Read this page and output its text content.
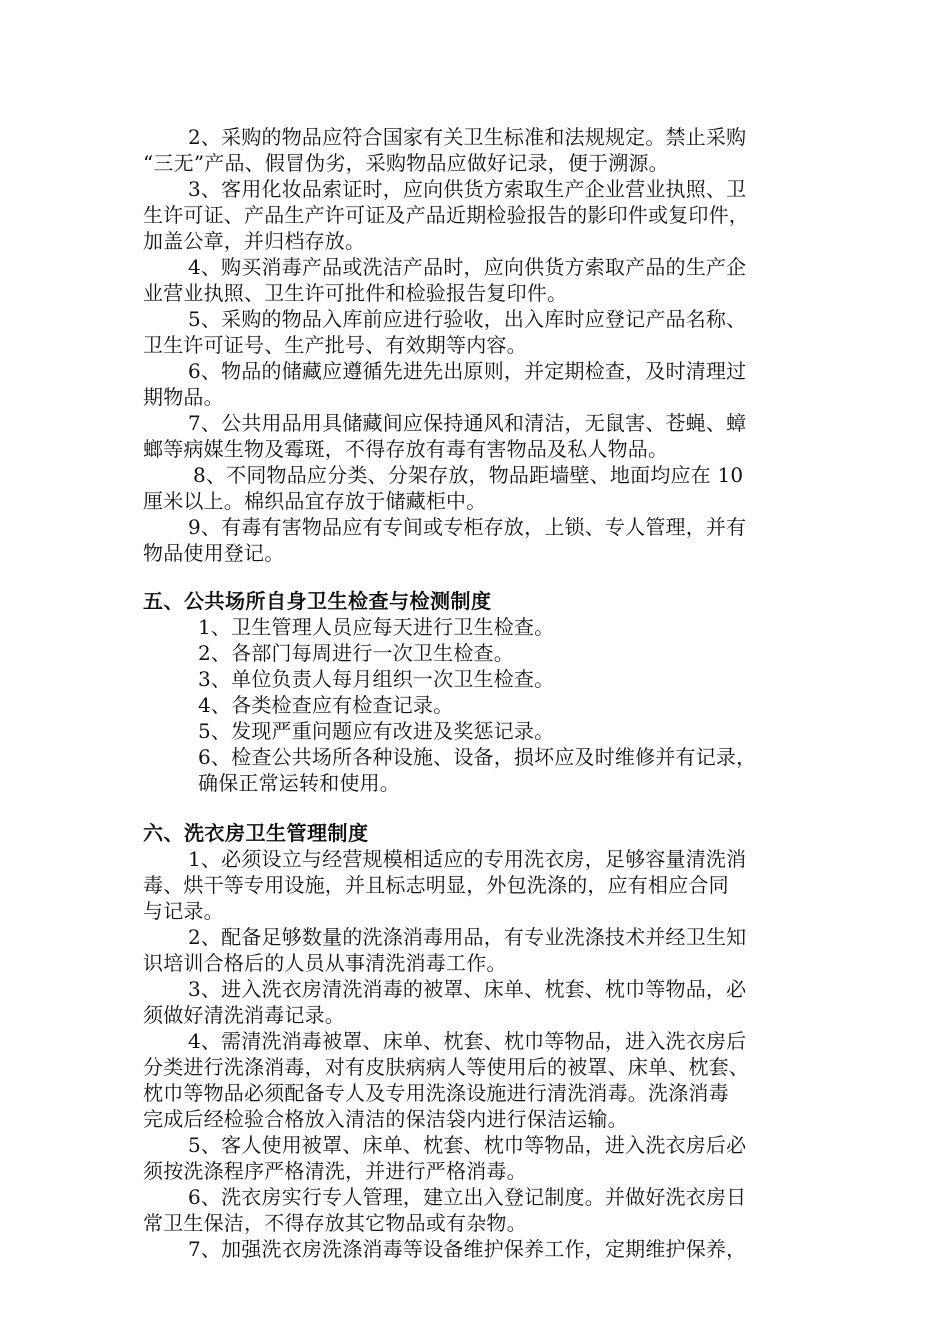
2、采购的物品应符合国家有关卫生标准和法规规定。禁止采购
“三无”产品、假冒伪劣，采购物品应做好记录，便于溯源。
3、客用化妆品索证时，应向供货方索取生产企业营业执照、卫
生许可证、产品生产许可证及产品近期检验报告的影印件或复印件，
加盖公章，并归档存放。
4、购买消毒产品或洗洁产品时，应向供货方索取产品的生产企
业营业执照、卫生许可批件和检验报告复印件。
5、采购的物品入库前应进行验收，出入库时应登记产品名称、
卫生许可证号、生产批号、有效期等内容。
6、物品的储藏应遵循先进先出原则，并定期检查，及时清理过
期物品。
7、公共用品用具储藏间应保持通风和清洁，无鼠害、苍蝇、蟑
螂等病媒生物及霉斑，不得存放有毒有害物品及私人物品。
8、不同物品应分类、分架存放，物品距墙壁、地面均应在 10
厘米以上。棉织品宜存放于储藏柜中。
9、有毒有害物品应有专间或专柜存放，上锁、专人管理，并有
物品使用登记。
五、公共场所自身卫生检查与检测制度
1、卫生管理人员应每天进行卫生检查。
2、各部门每周进行一次卫生检查。
3、单位负责人每月组织一次卫生检查。
4、各类检查应有检查记录。
5、发现严重问题应有改进及奖惩记录。
6、检查公共场所各种设施、设备，损坏应及时维修并有记录，
确保正常运转和使用。
六、洗衣房卫生管理制度
1、必须设立与经营规模相适应的专用洗衣房，足够容量清洗消
毒、烘干等专用设施，并且标志明显，外包洗涤的，应有相应合同
与记录。
2、配备足够数量的洗涤消毒用品，有专业洗涤技术并经卫生知
识培训合格后的人员从事清洗消毒工作。
3、进入洗衣房清洗消毒的被罩、床单、枕套、枕巾等物品，必
须做好清洗消毒记录。
4、需清洗消毒被罩、床单、枕套、枕巾等物品，进入洗衣房后
分类进行洗涤消毒，对有皮肤病病人等使用后的被罩、床单、枕套、
枕巾等物品必须配备专人及专用洗涤设施进行清洗消毒。洗涤消毒
完成后经检验合格放入清洁的保洁袋内进行保洁运输。
5、客人使用被罩、床单、枕套、枕巾等物品，进入洗衣房后必
须按洗涤程序严格清洗，并进行严格消毒。
6、洗衣房实行专人管理，建立出入登记制度。并做好洗衣房日
常卫生保洁，不得存放其它物品或有杂物。
7、加强洗衣房洗涤消毒等设备维护保养工作，定期维护保养，
